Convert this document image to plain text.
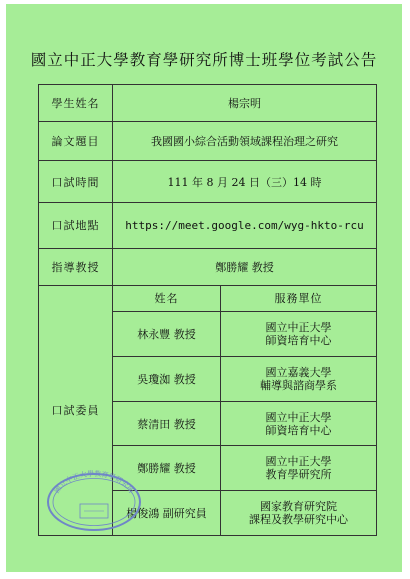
國立中正大學教育學研究所博士班學位考試公告
學生姓名	楊宗明	
論文題目	我國國小綜合活動領域課程治理之研究	
口試時間	111 年 8 月 24 日（三）14 時	
口試地點	https://meet.google.com/wyg-hkto-rcu	
指導教授	鄭勝耀 教授	
口試委員	姓名	服務單位
	林永豐 教授	國立中正大學
師資培育中心

	吳瓊洳 教授	國立嘉義大學
輔導與諮商學系

	蔡清田 教授	國立中正大學
師資培育中心

	鄭勝耀 教授	國立中正大學
教育學研究所

	楊俊鴻 副研究員	國家教育研究院
課程及教學研究中心
國立中正大學教育學研究所
